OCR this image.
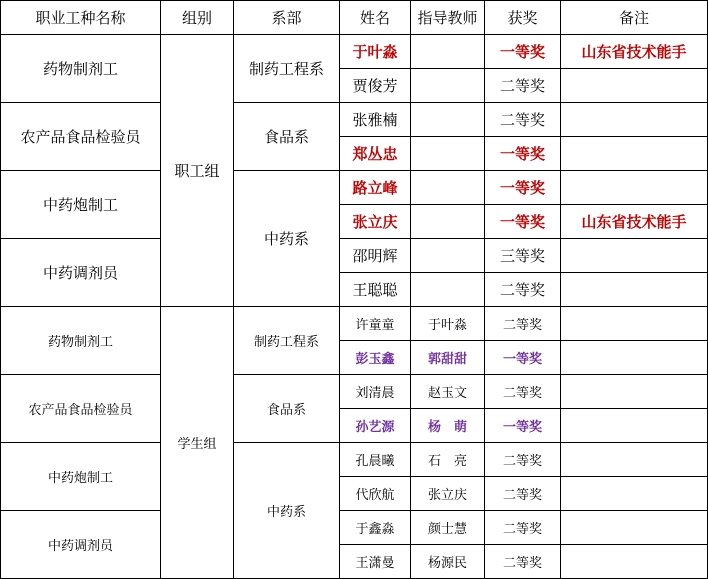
职业工种名称	组别	系部	姓名	指导教师	获奖	备注
药物制剂工	职工组	制药工程系	于叶淼		一等奖	山东省技术能手
			贾俊芳		二等奖	
农产品食品检验员		食品系	张雅楠		二等奖	
			郑丛忠		一等奖	
中药炮制工		中药系	路立峰		一等奖	
			张立庆		一等奖	山东省技术能手
中药调剂员			邵明辉		三等奖	
			王聪聪		二等奖	
药物制剂工	学生组	制药工程系	许童童	于叶淼	二等奖	
			彭玉鑫	郭甜甜	一等奖	
农产品食品检验员		食品系	刘清晨	赵玉文	二等奖	
			孙艺源	杨　萌	一等奖	
中药炮制工		中药系	孔晨曦	石　亮	二等奖	
			代欣航	张立庆	二等奖	
中药调剂员			于鑫淼	颜士慧	二等奖	
			王潇曼	杨源民	二等奖	
